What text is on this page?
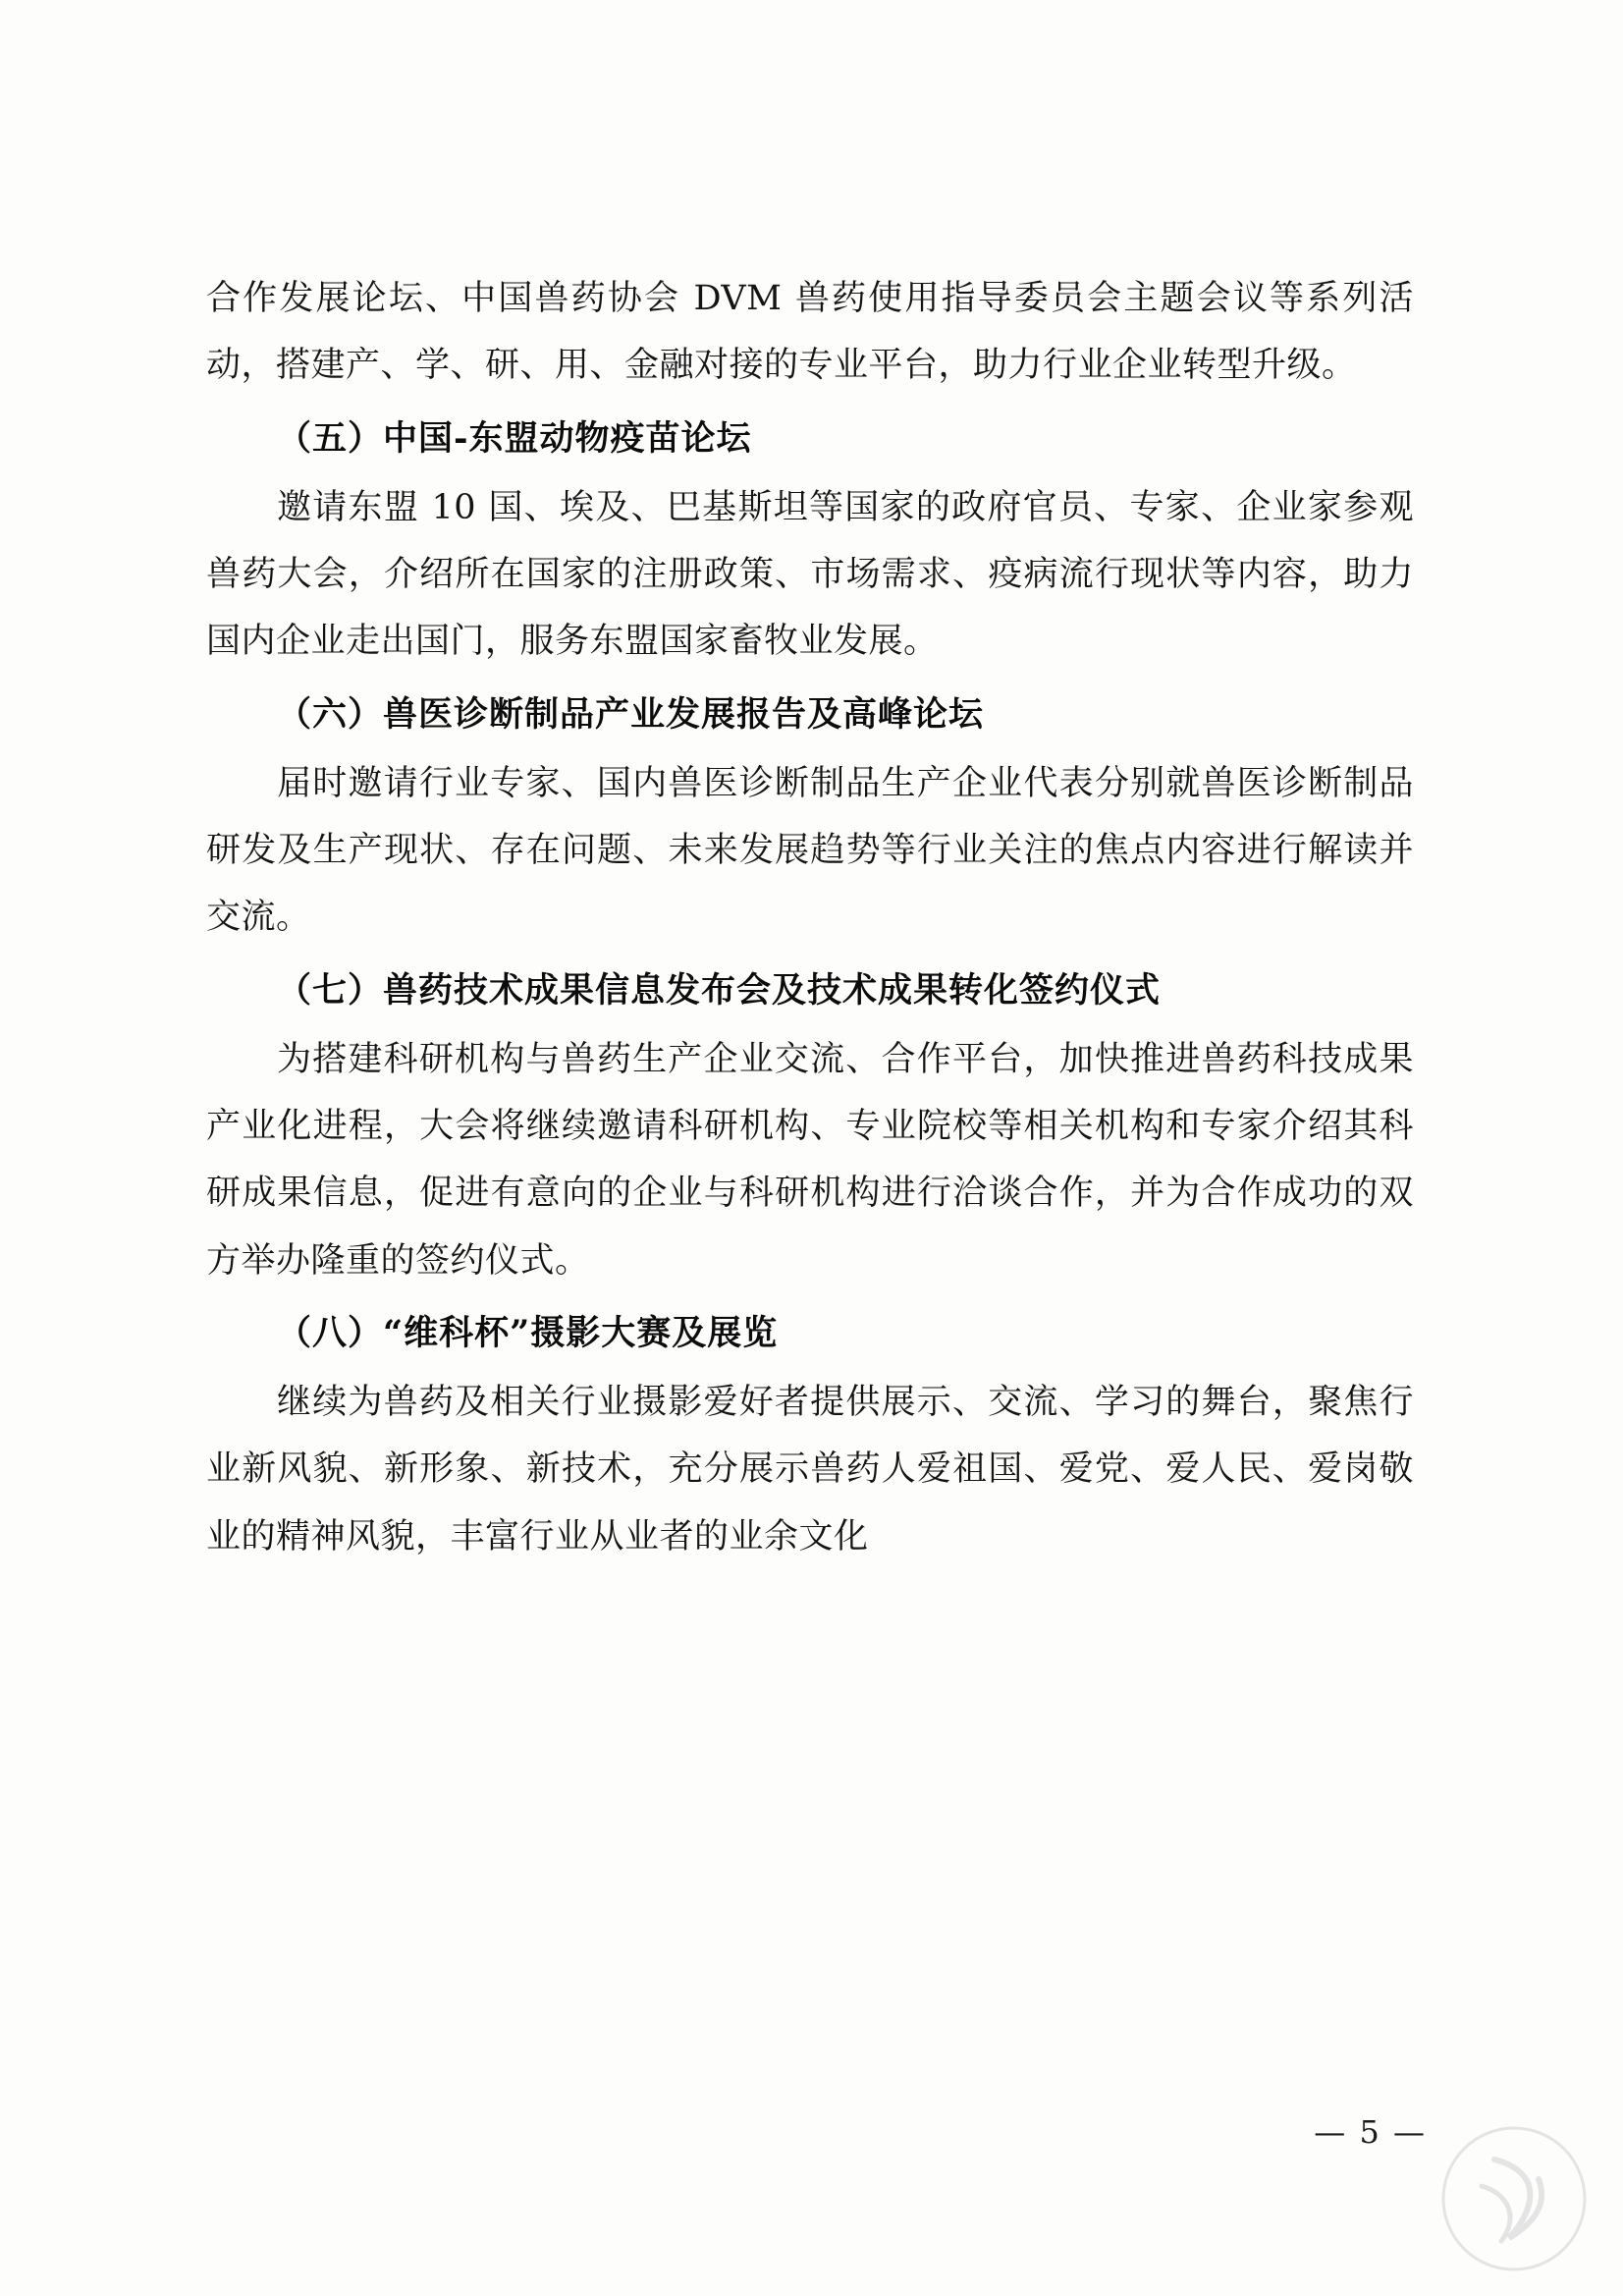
合作发展论坛、中国兽药协会 DVM 兽药使用指导委员会主题会议等系列活动，搭建产、学、研、用、金融对接的专业平台，助力行业企业转型升级。

（五）中国-东盟动物疫苗论坛

邀请东盟 10 国、埃及、巴基斯坦等国家的政府官员、专家、企业家参观兽药大会，介绍所在国家的注册政策、市场需求、疫病流行现状等内容，助力国内企业走出国门，服务东盟国家畜牧业发展。

（六）兽医诊断制品产业发展报告及高峰论坛

届时邀请行业专家、国内兽医诊断制品生产企业代表分别就兽医诊断制品研发及生产现状、存在问题、未来发展趋势等行业关注的焦点内容进行解读并交流。

（七）兽药技术成果信息发布会及技术成果转化签约仪式

为搭建科研机构与兽药生产企业交流、合作平台，加快推进兽药科技成果产业化进程，大会将继续邀请科研机构、专业院校等相关机构和专家介绍其科研成果信息，促进有意向的企业与科研机构进行洽谈合作，并为合作成功的双方举办隆重的签约仪式。

（八）“维科杯”摄影大赛及展览

继续为兽药及相关行业摄影爱好者提供展示、交流、学习的舞台，聚焦行业新风貌、新形象、新技术，充分展示兽药人爱祖国、爱党、爱人民、爱岗敬业的精神风貌，丰富行业从业者的业余文化

— 5 —
